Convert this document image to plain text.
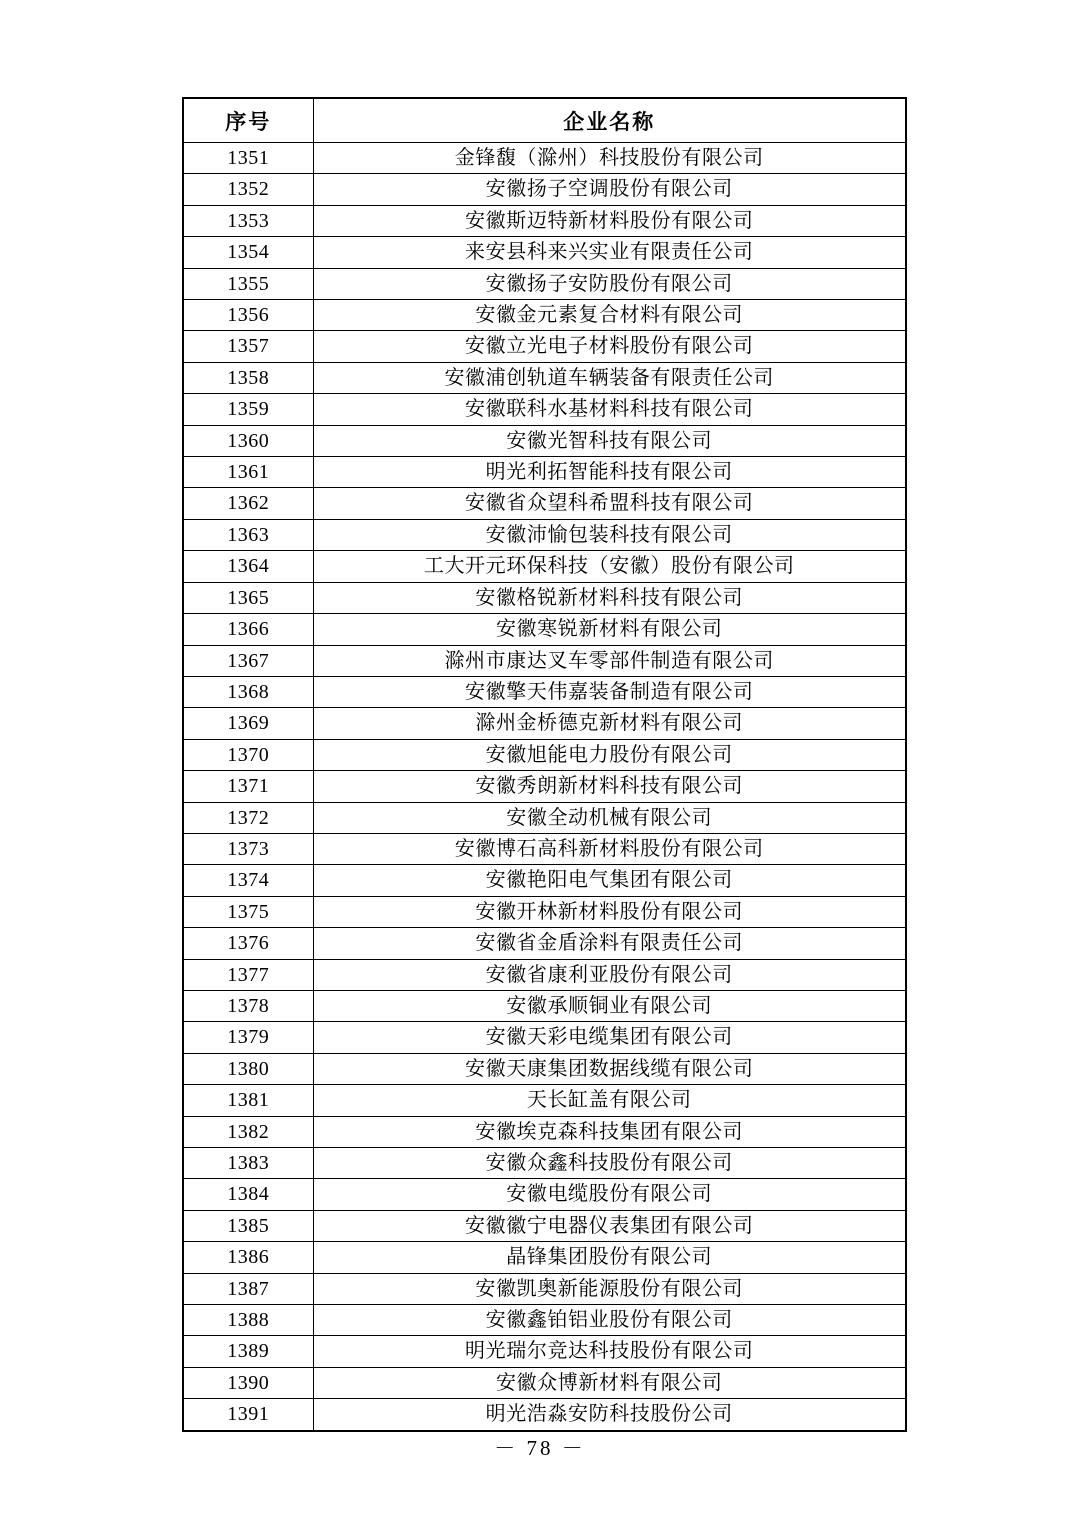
序号	企业名称
1351	金锋馥（滁州）科技股份有限公司
1352	安徽扬子空调股份有限公司
1353	安徽斯迈特新材料股份有限公司
1354	来安县科来兴实业有限责任公司
1355	安徽扬子安防股份有限公司
1356	安徽金元素复合材料有限公司
1357	安徽立光电子材料股份有限公司
1358	安徽浦创轨道车辆装备有限责任公司
1359	安徽联科水基材料科技有限公司
1360	安徽光智科技有限公司
1361	明光利拓智能科技有限公司
1362	安徽省众望科希盟科技有限公司
1363	安徽沛愉包装科技有限公司
1364	工大开元环保科技（安徽）股份有限公司
1365	安徽格锐新材料科技有限公司
1366	安徽寒锐新材料有限公司
1367	滁州市康达叉车零部件制造有限公司
1368	安徽擎天伟嘉装备制造有限公司
1369	滁州金桥德克新材料有限公司
1370	安徽旭能电力股份有限公司
1371	安徽秀朗新材料科技有限公司
1372	安徽全动机械有限公司
1373	安徽博石高科新材料股份有限公司
1374	安徽艳阳电气集团有限公司
1375	安徽开林新材料股份有限公司
1376	安徽省金盾涂料有限责任公司
1377	安徽省康利亚股份有限公司
1378	安徽承顺铜业有限公司
1379	安徽天彩电缆集团有限公司
1380	安徽天康集团数据线缆有限公司
1381	天长缸盖有限公司
1382	安徽埃克森科技集团有限公司
1383	安徽众鑫科技股份有限公司
1384	安徽电缆股份有限公司
1385	安徽徽宁电器仪表集团有限公司
1386	晶锋集团股份有限公司
1387	安徽凯奥新能源股份有限公司
1388	安徽鑫铂铝业股份有限公司
1389	明光瑞尔竞达科技股份有限公司
1390	安徽众博新材料有限公司
1391	明光浩淼安防科技股份公司
－ 78 －
